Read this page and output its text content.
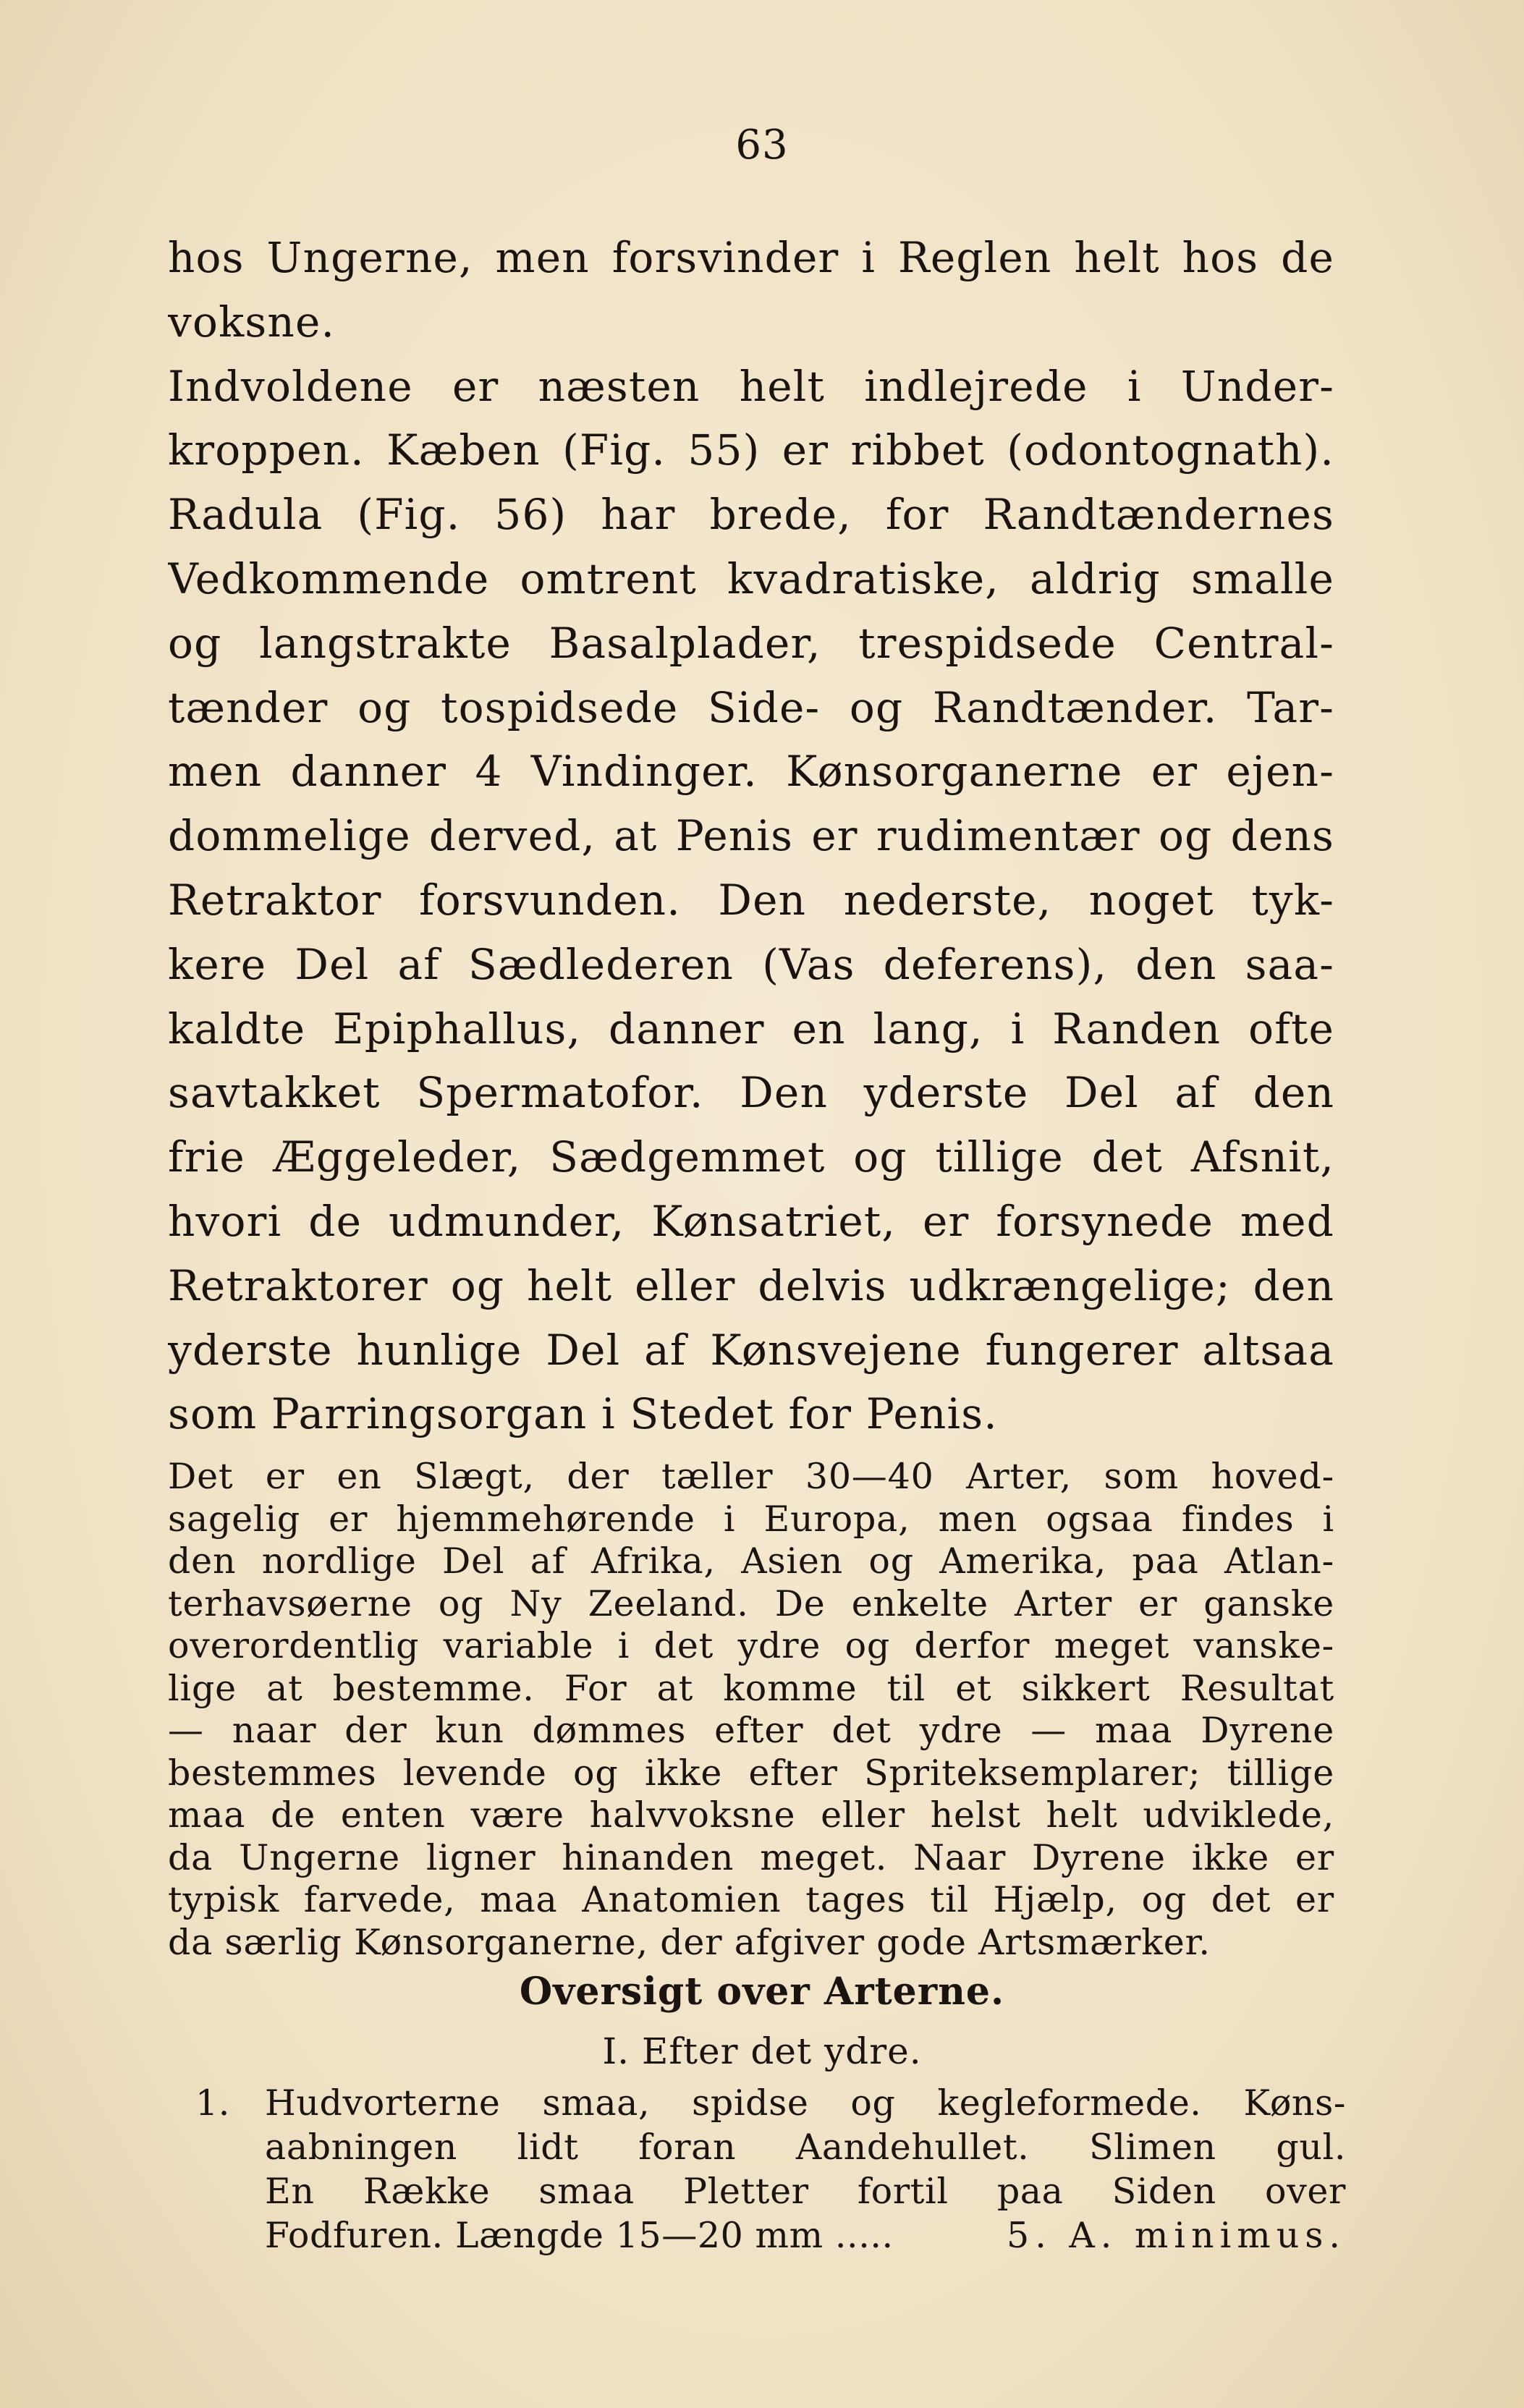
63
hos Ungerne, men forsvinder i Reglen helt hos de
voksne.
Indvoldene er næsten helt indlejrede i Under-
kroppen. Kæben (Fig. 55) er ribbet (odontognath).
Radula (Fig. 56) har brede, for Randtændernes
Vedkommende omtrent kvadratiske, aldrig smalle
og langstrakte Basalplader, trespidsede Central-
tænder og tospidsede Side- og Randtænder. Tar-
men danner 4 Vindinger. Kønsorganerne er ejen-
dommelige derved, at Penis er rudimentær og dens
Retraktor forsvunden. Den nederste, noget tyk-
kere Del af Sædlederen (Vas deferens), den saa-
kaldte Epiphallus, danner en lang, i Randen ofte
savtakket Spermatofor. Den yderste Del af den
frie Æggeleder, Sædgemmet og tillige det Afsnit,
hvori de udmunder, Kønsatriet, er forsynede med
Retraktorer og helt eller delvis udkrængelige; den
yderste hunlige Del af Kønsvejene fungerer altsaa
som Parringsorgan i Stedet for Penis.
Det er en Slægt, der tæller 30—40 Arter, som hoved-
sagelig er hjemmehørende i Europa, men ogsaa findes i
den nordlige Del af Afrika, Asien og Amerika, paa Atlan-
terhavsøerne og Ny Zeeland. De enkelte Arter er ganske
overordentlig variable i det ydre og derfor meget vanske-
lige at bestemme. For at komme til et sikkert Resultat
— naar der kun dømmes efter det ydre — maa Dyrene
bestemmes levende og ikke efter Spriteksemplarer; tillige
maa de enten være halvvoksne eller helst helt udviklede,
da Ungerne ligner hinanden meget. Naar Dyrene ikke er
typisk farvede, maa Anatomien tages til Hjælp, og det er
da særlig Kønsorganerne, der afgiver gode Artsmærker.
Oversigt over Arterne.
I. Efter det ydre.
1. Hudvorterne smaa, spidse og kegleformede. Køns-
aabningen lidt foran Aandehullet. Slimen gul.
En Række smaa Pletter fortil paa Siden over
Fodfuren. Længde 15—20 mm .....	5. A. minimus.
